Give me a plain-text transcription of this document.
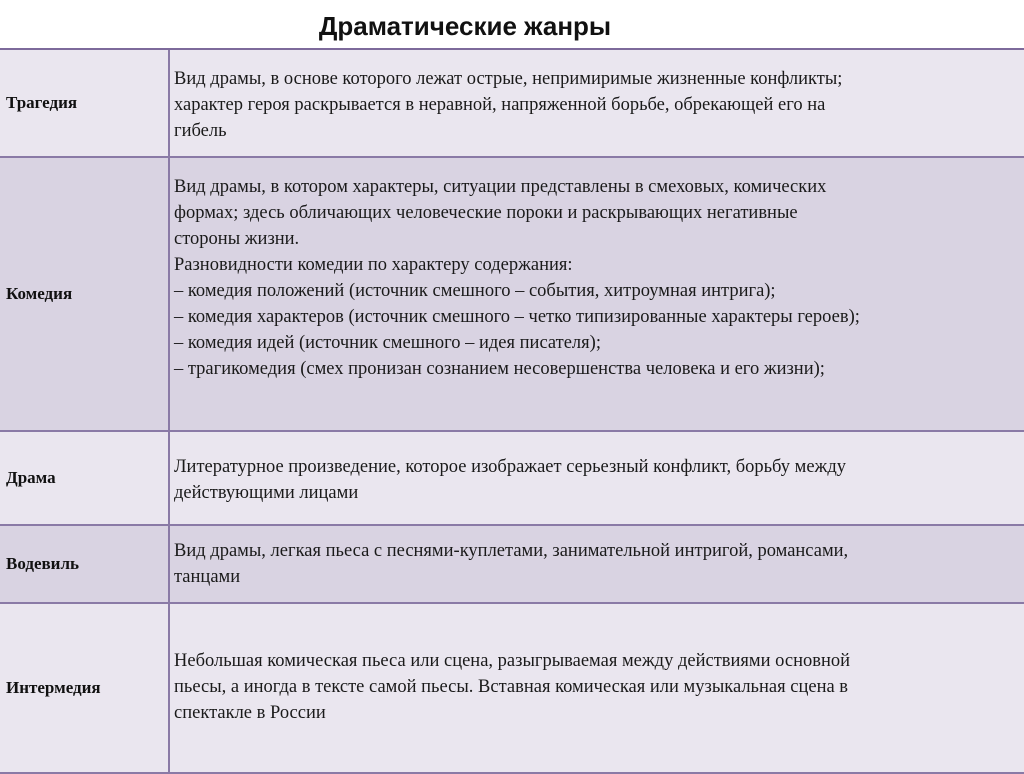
Драматические жанры
Трагедия
Вид драмы, в основе которого лежат острые, непримиримые жизненные конфликты;
характер героя раскрывается в неравной, напряженной борьбе, обрекающей его на
гибель
Комедия
Вид драмы, в котором характеры, ситуации представлены в смеховых, комических
формах; здесь обличающих человеческие пороки и раскрывающих негативные
стороны жизни.
Разновидности комедии по характеру содержания:
– комедия положений (источник смешного – события, хитроумная интрига);
– комедия характеров (источник смешного – четко типизированные характеры героев);
– комедия идей (источник смешного – идея писателя);
– трагикомедия (смех пронизан сознанием несовершенства человека и его жизни);
Драма
Литературное произведение, которое изображает серьезный конфликт, борьбу между
действующими лицами
Водевиль
Вид драмы, легкая пьеса с песнями-куплетами, занимательной интригой, романсами,
танцами
Интермедия
Небольшая комическая пьеса или сцена, разыгрываемая между действиями основной
пьесы, а иногда в тексте самой пьесы. Вставная комическая или музыкальная сцена в
спектакле в России
